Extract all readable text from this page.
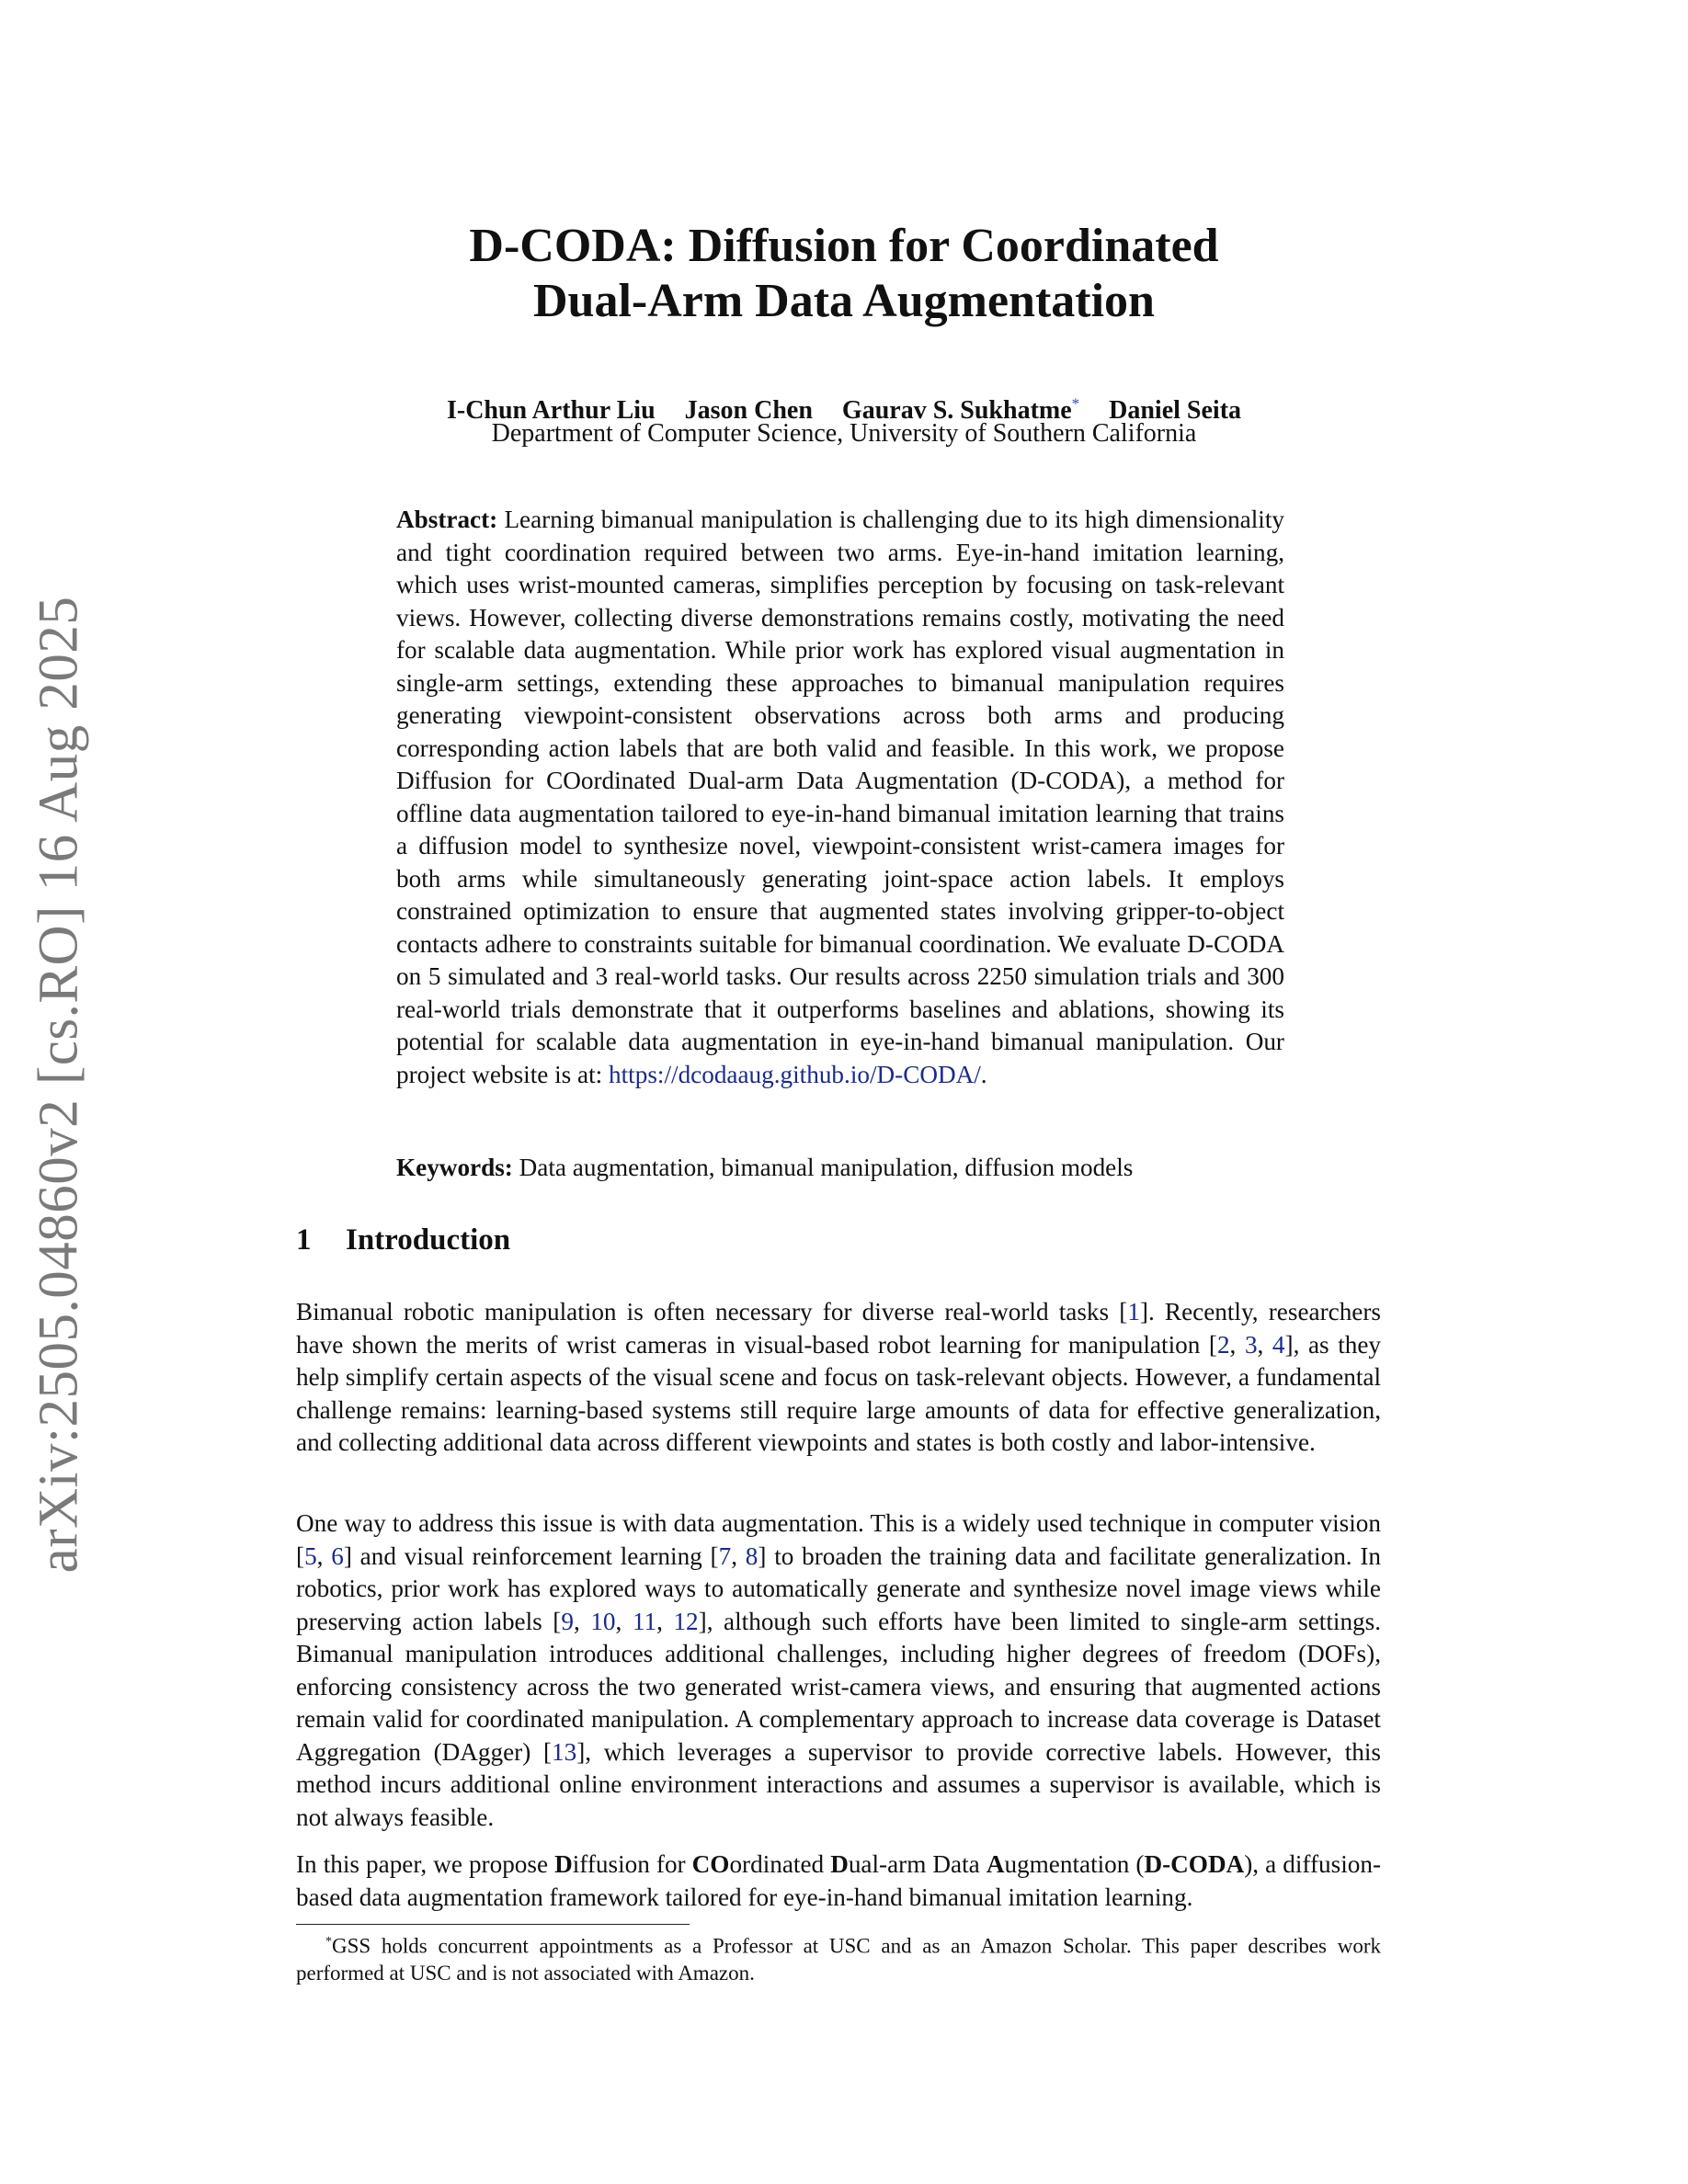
arXiv:2505.04860v2 [cs.RO] 16 Aug 2025
D-CODA: Diffusion for Coordinated
Dual-Arm Data Augmentation
I-Chun Arthur Liu Jason Chen Gaurav S. Sukhatme* Daniel Seita
Department of Computer Science, University of Southern California
Abstract: Learning bimanual manipulation is challenging due to its high dimensionality and tight coordination required between two arms. Eye-in-hand imitation learning, which uses wrist-mounted cameras, simplifies perception by focusing on task-relevant views. However, collecting diverse demonstrations remains costly, motivating the need for scalable data augmentation. While prior work has explored visual augmentation in single-arm settings, extending these approaches to bimanual manipulation requires generating viewpoint-consistent observations across both arms and producing corresponding action labels that are both valid and feasible. In this work, we propose Diffusion for COordinated Dual-arm Data Augmentation (D-CODA), a method for offline data augmentation tailored to eye-in-hand bimanual imitation learning that trains a diffusion model to synthesize novel, viewpoint-consistent wrist-camera images for both arms while simultaneously generating joint-space action labels. It employs constrained optimization to ensure that augmented states involving gripper-to-object contacts adhere to constraints suitable for bimanual coordination. We evaluate D-CODA on 5 simulated and 3 real-world tasks. Our results across 2250 simulation trials and 300 real-world trials demonstrate that it outperforms baselines and ablations, showing its potential for scalable data augmentation in eye-in-hand bimanual manipulation. Our project website is at: https://dcodaaug.github.io/D-CODA/.
Keywords: Data augmentation, bimanual manipulation, diffusion models
1 Introduction
Bimanual robotic manipulation is often necessary for diverse real-world tasks [1]. Recently, researchers have shown the merits of wrist cameras in visual-based robot learning for manipulation [2, 3, 4], as they help simplify certain aspects of the visual scene and focus on task-relevant objects. However, a fundamental challenge remains: learning-based systems still require large amounts of data for effective generalization, and collecting additional data across different viewpoints and states is both costly and labor-intensive.
One way to address this issue is with data augmentation. This is a widely used technique in computer vision [5, 6] and visual reinforcement learning [7, 8] to broaden the training data and facilitate generalization. In robotics, prior work has explored ways to automatically generate and synthesize novel image views while preserving action labels [9, 10, 11, 12], although such efforts have been limited to single-arm settings. Bimanual manipulation introduces additional challenges, including higher degrees of freedom (DOFs), enforcing consistency across the two generated wrist-camera views, and ensuring that augmented actions remain valid for coordinated manipulation. A complementary approach to increase data coverage is Dataset Aggregation (DAgger) [13], which leverages a supervisor to provide corrective labels. However, this method incurs additional online environment interactions and assumes a supervisor is available, which is not always feasible.
In this paper, we propose Diffusion for COordinated Dual-arm Data Augmentation (D-CODA), a diffusion-based data augmentation framework tailored for eye-in-hand bimanual imitation learning.
*GSS holds concurrent appointments as a Professor at USC and as an Amazon Scholar. This paper describes work performed at USC and is not associated with Amazon.
